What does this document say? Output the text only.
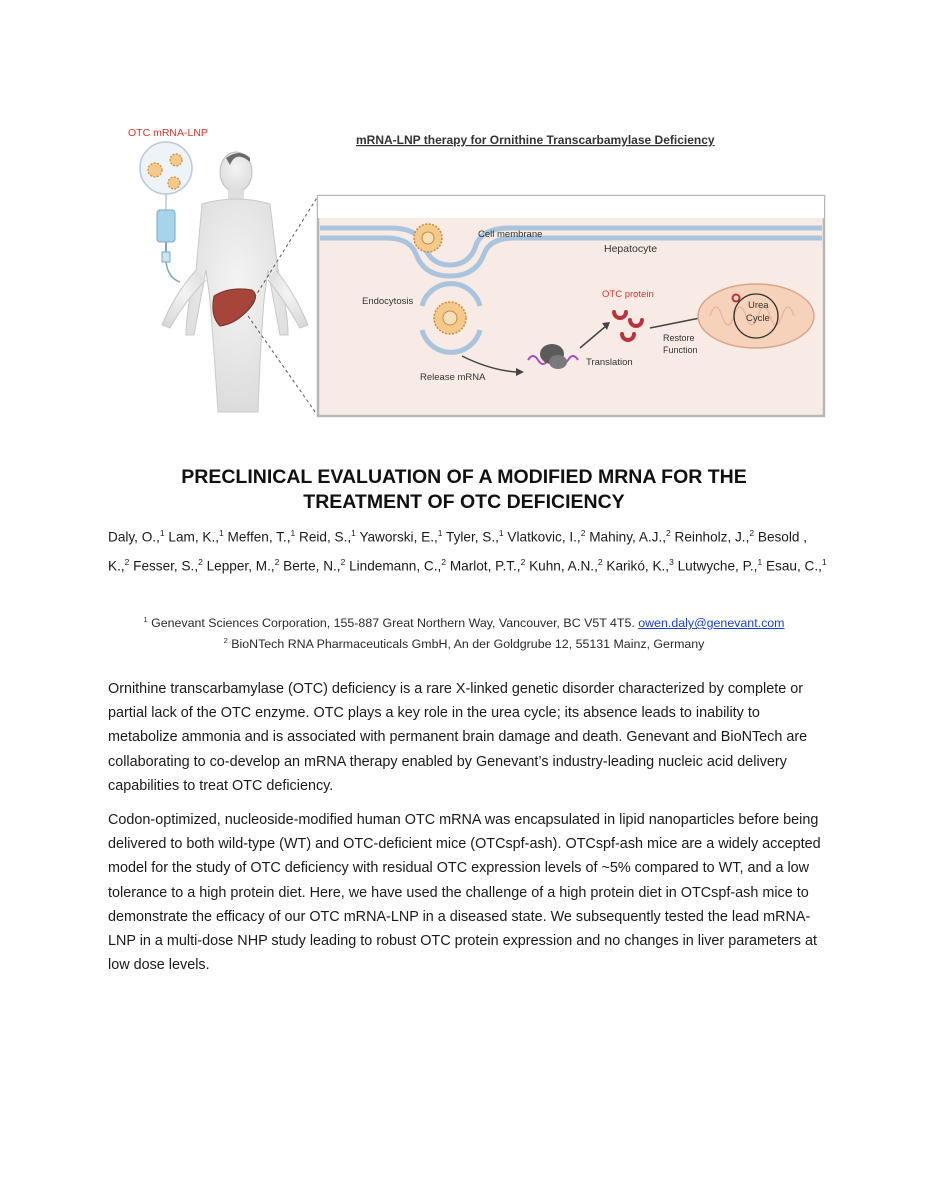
OTC mRNA-LNP	mRNA-LNP therapy for Ornithine Transcarbamylase Deficiency
Cell membrane
Hepatocyte
Endocytosis
Release mRNA
Translation
OTC protein
Restore
Function
Urea
Cycle
PRECLINICAL EVALUATION OF A MODIFIED MRNA FOR THE
TREATMENT OF OTC DEFICIENCY
Daly, O.,$^1$ Lam, K.,$^1$ Meffen, T.,$^1$ Reid, S.,$^1$ Yaworski, E.,$^1$ Tyler, S.,$^1$ Vlatkovic, I.,$^2$ Mahiny, A.J.,$^2$ Reinholz, J.,$^2$ Besold , K.,$^2$ Fesser, S.,$^2$ Lepper, M.,$^2$ Berte, N.,$^2$ Lindemann, C.,$^2$ Marlot, P.T.,$^2$ Kuhn, A.N.,$^2$ Karikó, K.,$^3$ Lutwyche, P.,$^1$ Esau, C.,$^1$
$^1$ Genevant Sciences Corporation, 155-887 Great Northern Way, Vancouver, BC V5T 4T5. owen.daly@genevant.com
$^2$ BioNTech RNA Pharmaceuticals GmbH, An der Goldgrube 12, 55131 Mainz, Germany
Ornithine transcarbamylase (OTC) deficiency is a rare X-linked genetic disorder characterized by complete or partial lack of the OTC enzyme. OTC plays a key role in the urea cycle; its absence leads to inability to metabolize ammonia and is associated with permanent brain damage and death. Genevant and BioNTech are collaborating to co-develop an mRNA therapy enabled by Genevant’s industry-leading nucleic acid delivery capabilities to treat OTC deficiency.
Codon-optimized, nucleoside-modified human OTC mRNA was encapsulated in lipid nanoparticles before being delivered to both wild-type (WT) and OTC-deficient mice (OTCspf-ash). OTCspf-ash mice are a widely accepted model for the study of OTC deficiency with residual OTC expression levels of ~5% compared to WT, and a low tolerance to a high protein diet. Here, we have used the challenge of a high protein diet in OTCspf-ash mice to demonstrate the efficacy of our OTC mRNA-LNP in a diseased state. We subsequently tested the lead mRNA-LNP in a multi-dose NHP study leading to robust OTC protein expression and no changes in liver parameters at low dose levels.
